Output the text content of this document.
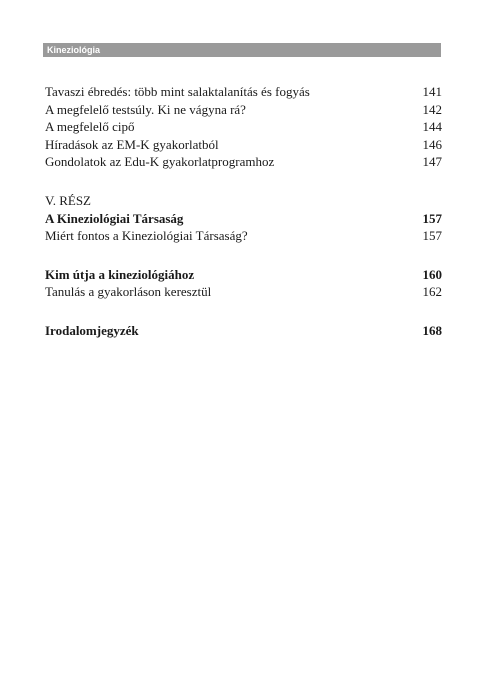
Kineziológia
Tavaszi ébredés: több mint salaktalanítás és fogyás	141
A megfelelő testsúly. Ki ne vágyna rá?	142
A megfelelő cipő	144
Híradások az EM-K gyakorlatból	146
Gondolatok az Edu-K gyakorlatprogramhoz	147
V. RÉSZ
A Kineziológiai Társaság	157
Miért fontos a Kineziológiai Társaság?	157
Kim útja a kineziológiához	160
Tanulás a gyakorláson keresztül	162
Irodalomjegyzék	168
